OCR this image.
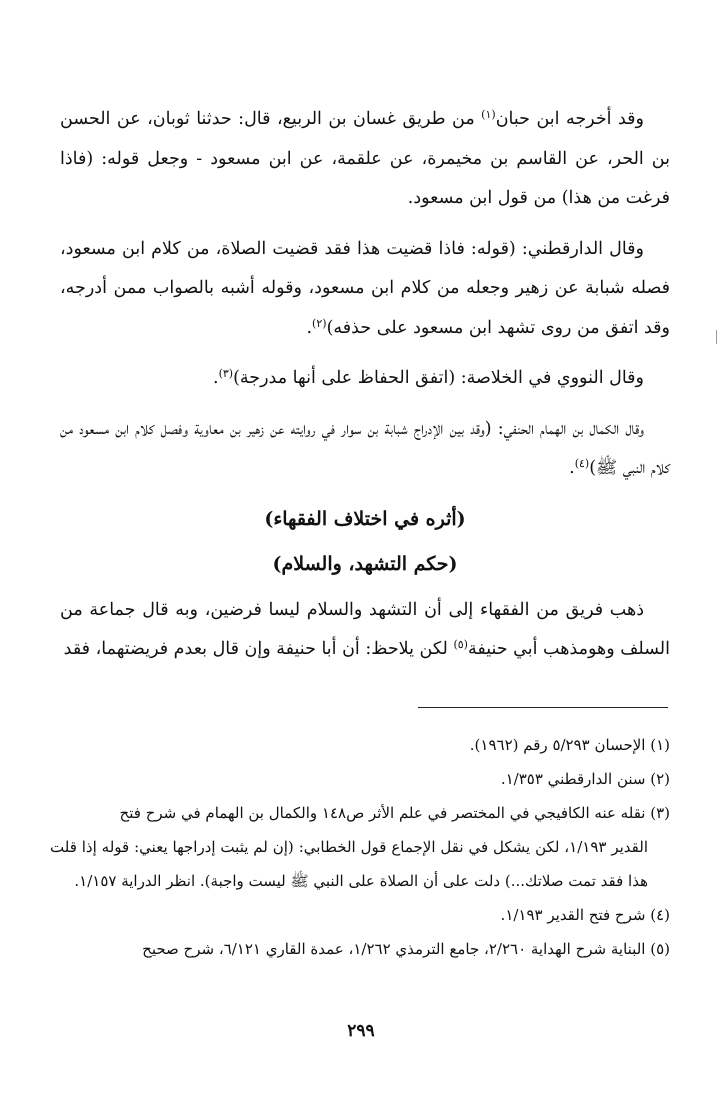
وقد أخرجه ابن حبان$^{(١)}$ من طريق غسان بن الربيع، قال: حدثنا ثوبان، عن الحسن بن الحر، عن القاسم بن مخيمرة، عن علقمة، عن ابن مسعود - وجعل قوله: (فاذا فرغت من هذا) من قول ابن مسعود.

وقال الدارقطني: (قوله: فاذا قضيت هذا فقد قضيت الصلاة، من كلام ابن مسعود، فصله شبابة عن زهير وجعله من كلام ابن مسعود، وقوله أشبه بالصواب ممن أدرجه، وقد اتفق من روى تشهد ابن مسعود على حذفه)$^{(٢)}$.

وقال النووي في الخلاصة: (اتفق الحفاظ على أنها مدرجة)$^{(٣)}$.

وقال الكمال بن الهمام الحنفي: (وقد بين الإدراج شبابة بن سوار في روايته عن زهير بن معاوية وفصل كلام ابن مسعود من كلام النبي ﷺ)$^{(٤)}$.

(أثره في اختلاف الفقهاء)

(حكم التشهد، والسلام)

ذهب فريق من الفقهاء إلى أن التشهد والسلام ليسا فرضين، وبه قال جماعة من السلف وهومذهب أبي حنيفة$^{(٥)}$ لكن يلاحظ: أن أبا حنيفة وإن قال بعدم فريضتهما، فقد

(١) الإحسان ٥/٢٩٣ رقم (١٩٦٢).

(٢) سنن الدارقطني ١/٣٥٣.

(٣) نقله عنه الكافيجي في المختصر في علم الأثر ص١٤٨ والكمال بن الهمام في شرح فتح

القدير ١/١٩٣، لكن يشكل في نقل الإجماع قول الخطابي: (إن لم يثبت إدراجها يعني: قوله إذا قلت هذا فقد تمت صلاتك...) دلت على أن الصلاة على النبي ﷺ ليست واجبة). انظر الدراية ١/١٥٧.

(٤) شرح فتح القدير ١/١٩٣.

(٥) البناية شرح الهداية ٢/٢٦٠، جامع الترمذي ١/٢٦٢، عمدة القاري ٦/١٢١، شرح صحيح

٢٩٩
